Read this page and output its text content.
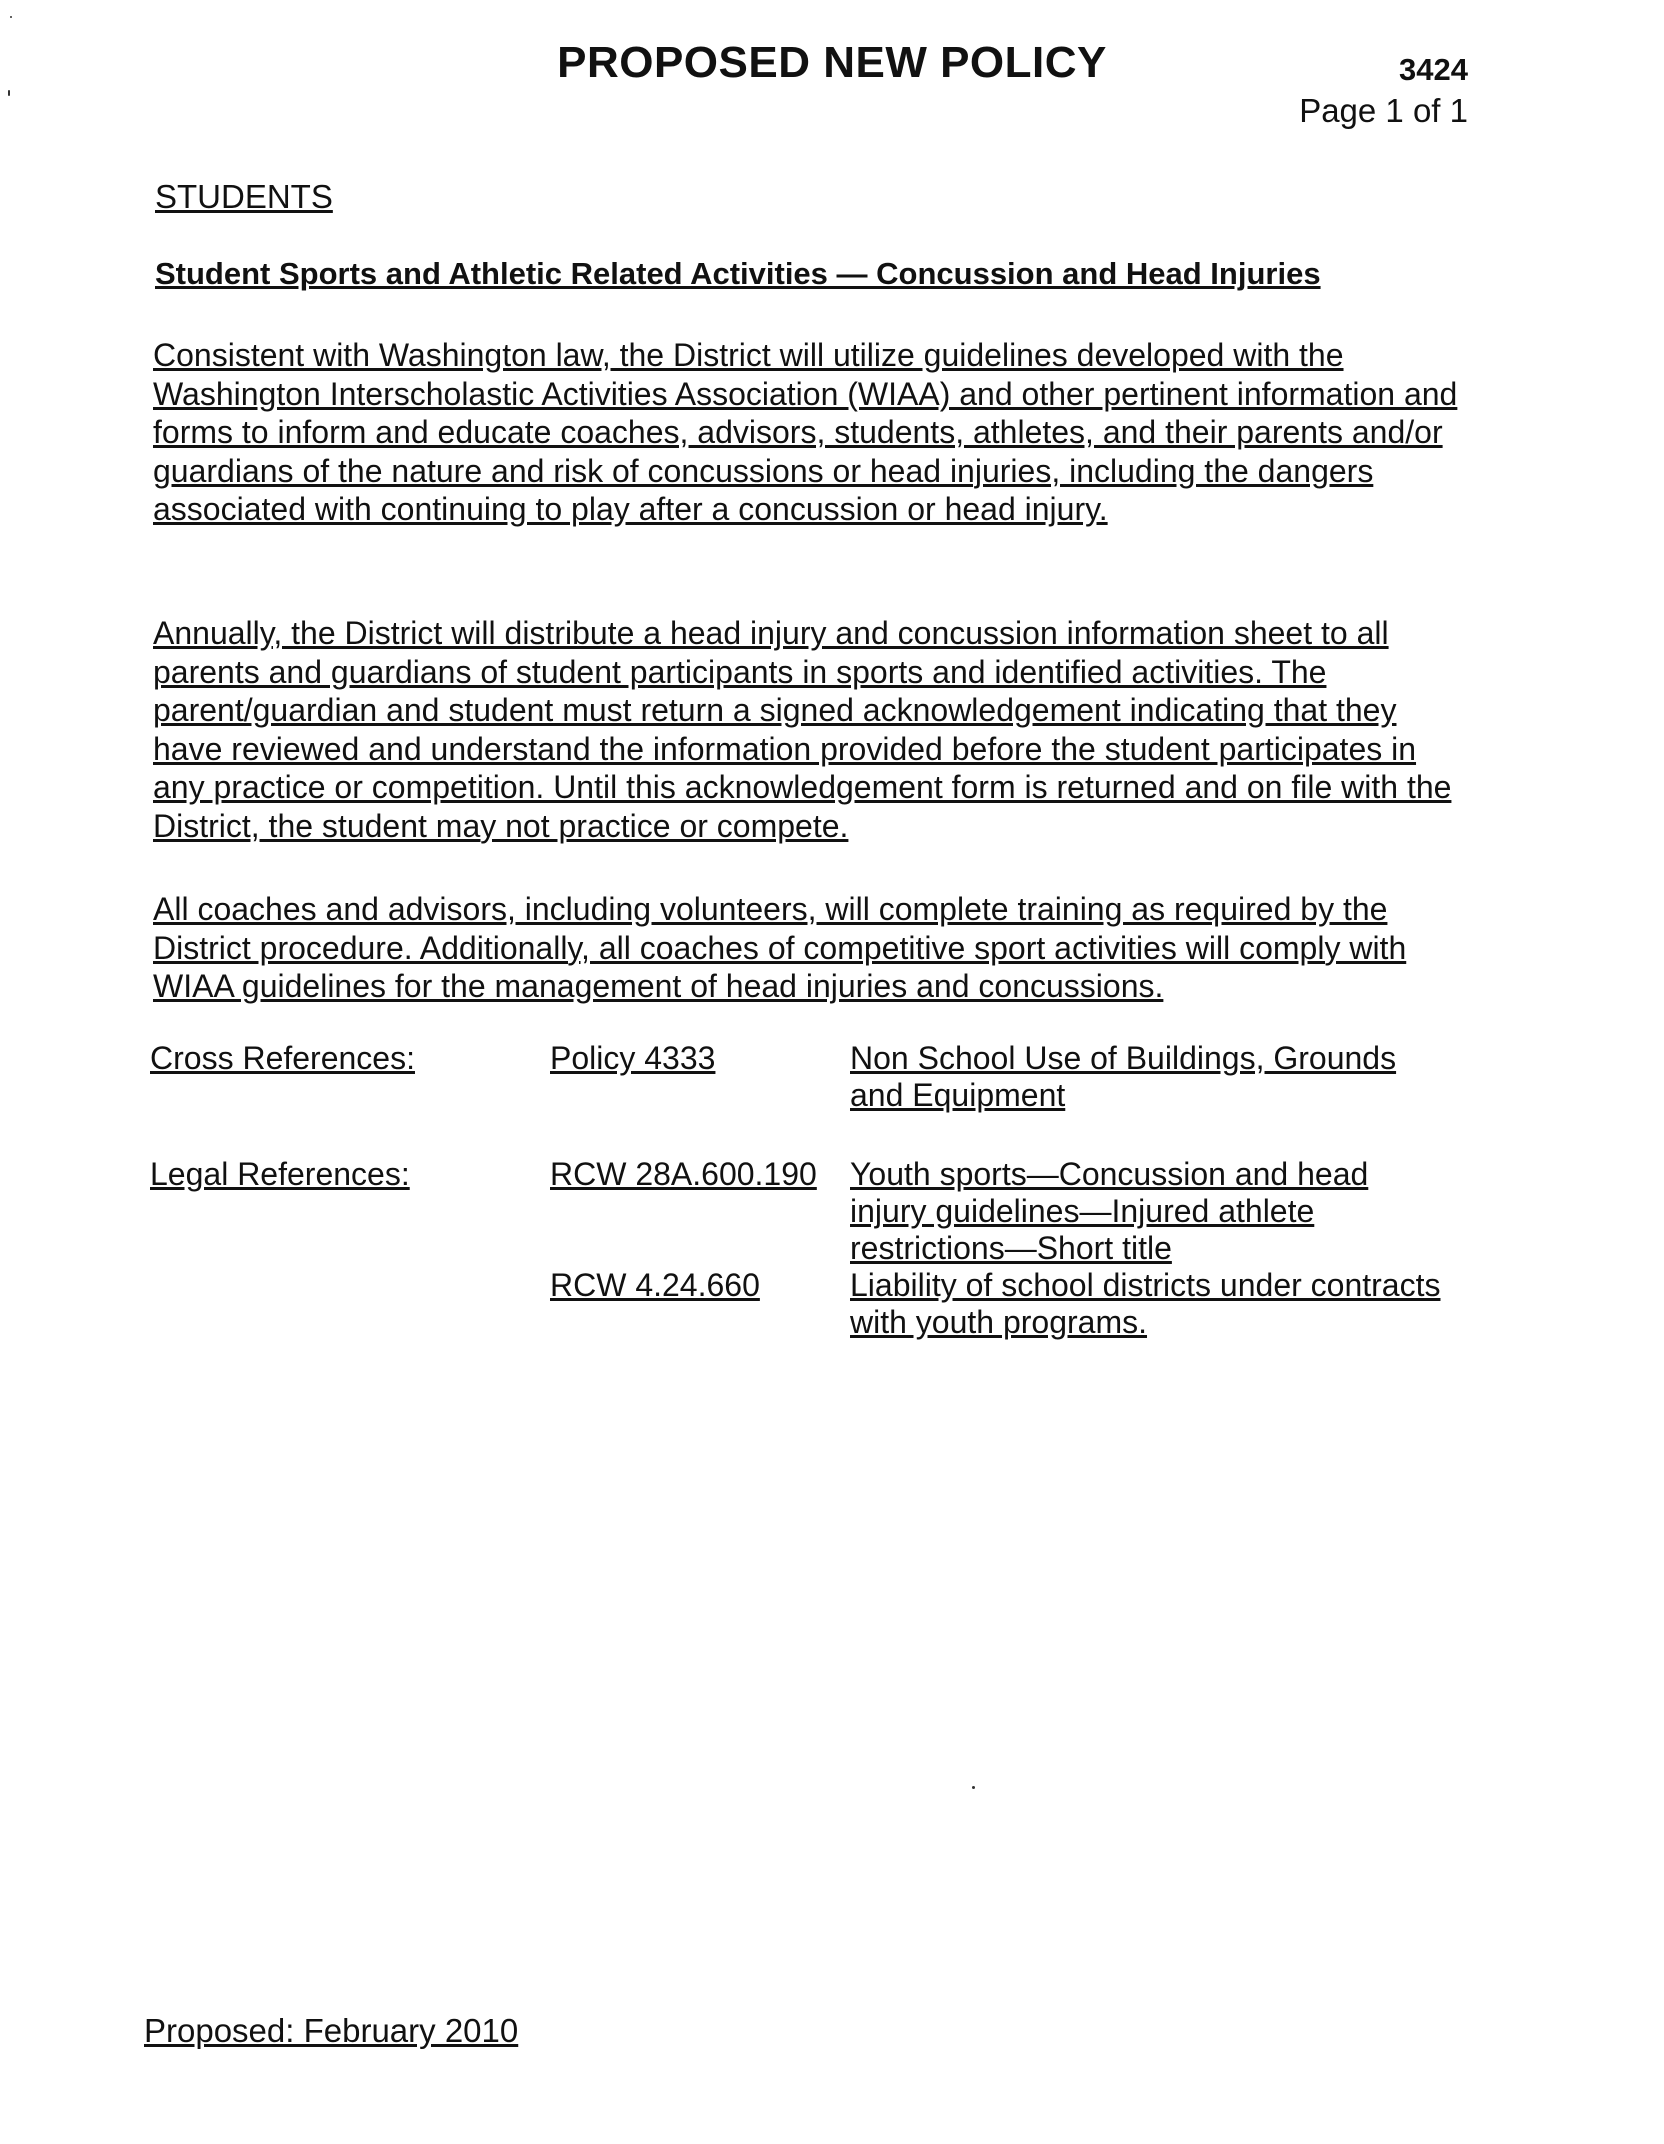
PROPOSED NEW POLICY	3424
Page 1 of 1
STUDENTS
Student Sports and Athletic Related Activities — Concussion and Head Injuries
Consistent with Washington law, the District will utilize guidelines developed with the Washington Interscholastic Activities Association (WIAA) and other pertinent information and forms to inform and educate coaches, advisors, students, athletes, and their parents and/or guardians of the nature and risk of concussions or head injuries, including the dangers associated with continuing to play after a concussion or head injury.
Annually, the District will distribute a head injury and concussion information sheet to all parents and guardians of student participants in sports and identified activities. The parent/guardian and student must return a signed acknowledgement indicating that they have reviewed and understand the information provided before the student participates in any practice or competition. Until this acknowledgement form is returned and on file with the District, the student may not practice or compete.
All coaches and advisors, including volunteers, will complete training as required by the District procedure. Additionally, all coaches of competitive sport activities will comply with WIAA guidelines for the management of head injuries and concussions.
Cross References:	Policy 4333	Non School Use of Buildings, Grounds and Equipment
Legal References:	RCW 28A.600.190	Youth sports—Concussion and head injury guidelines—Injured athlete restrictions—Short title
RCW 4.24.660	Liability of school districts under contracts with youth programs.
Proposed: February 2010
